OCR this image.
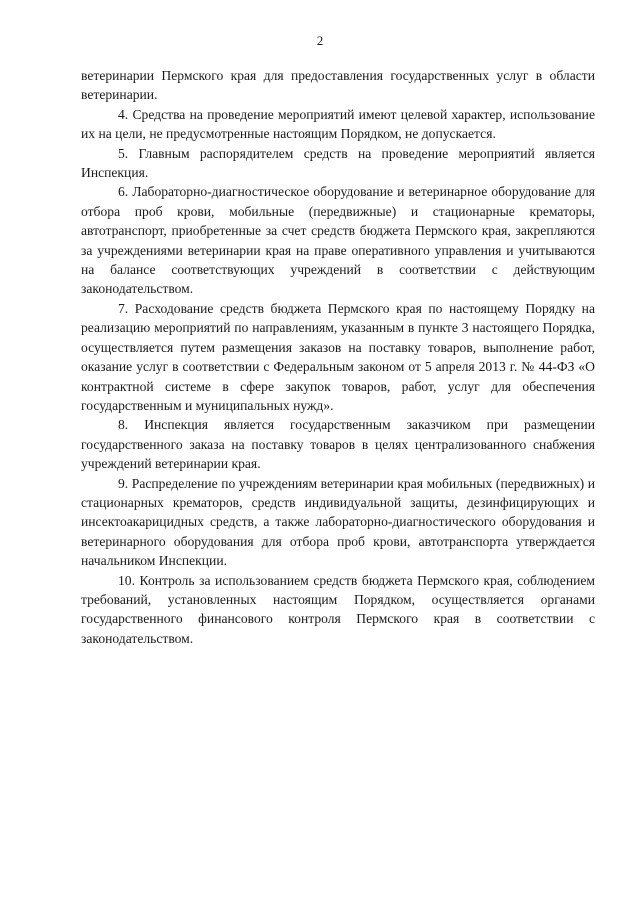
2

ветеринарии Пермского края для предоставления государственных услуг в области ветеринарии.

4. Средства на проведение мероприятий имеют целевой характер, использование их на цели, не предусмотренные настоящим Порядком, не допускается.

5. Главным распорядителем средств на проведение мероприятий является Инспекция.

6. Лабораторно-диагностическое оборудование и ветеринарное оборудование для отбора проб крови, мобильные (передвижные) и стационарные крематоры, автотранспорт, приобретенные за счет средств бюджета Пермского края, закрепляются за учреждениями ветеринарии края на праве оперативного управления и учитываются на балансе соответствующих учреждений в соответствии с действующим законодательством.

7. Расходование средств бюджета Пермского края по настоящему Порядку на реализацию мероприятий по направлениям, указанным в пункте 3 настоящего Порядка, осуществляется путем размещения заказов на поставку товаров, выполнение работ, оказание услуг в соответствии с Федеральным законом от 5 апреля 2013 г. № 44-ФЗ «О контрактной системе в сфере закупок товаров, работ, услуг для обеспечения государственным и муниципальных нужд».

8. Инспекция является государственным заказчиком при размещении государственного заказа на поставку товаров в целях централизованного снабжения учреждений ветеринарии края.

9. Распределение по учреждениям ветеринарии края мобильных (передвижных) и стационарных крематоров, средств индивидуальной защиты, дезинфицирующих и инсектоакарицидных средств, а также лабораторно-диагностического оборудования и ветеринарного оборудования для отбора проб крови, автотранспорта утверждается начальником Инспекции.

10. Контроль за использованием средств бюджета Пермского края, соблюдением требований, установленных настоящим Порядком, осуществляется органами государственного финансового контроля Пермского края в соответствии с законодательством.
